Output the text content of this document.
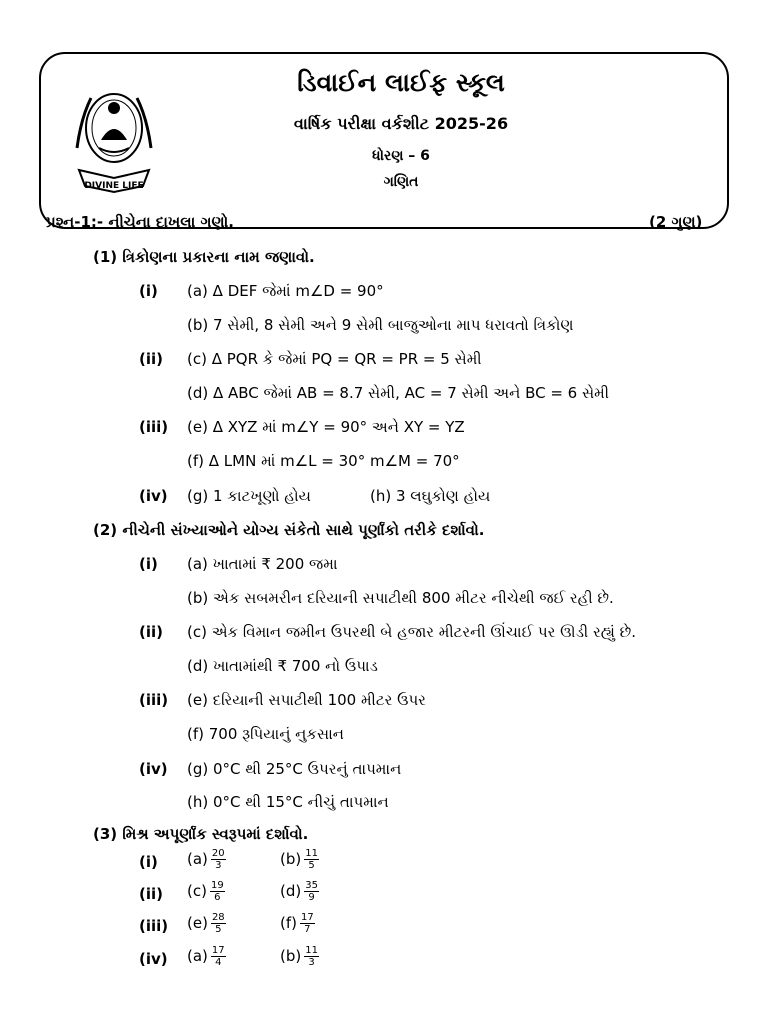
DIVINE LIFE
ડિવાઈન લાઈફ સ્કૂલ
વાર્ષિક પરીક્ષા વર્કશીટ 2025-26
ધોરણ – 6
ગણિત
પ્રશ્ન-1:- નીચેના દાખલા ગણો.	(2 ગુણ)
(1) ત્રિકોણના પ્રકારના નામ જણાવો.
(i) (a) Δ DEF જેમાં m∠D = 90°
(b) 7 સેમી, 8 સેમી અને 9 સેમી બાજુઓના માપ ધરાવતો ત્રિકોણ
(ii) (c) Δ PQR કે જેમાં PQ = QR = PR = 5 સેમી
(d) Δ ABC જેમાં AB = 8.7 સેમી, AC = 7 સેમી અને BC = 6 સેમી
(iii) (e) Δ XYZ માં m∠Y = 90° અને XY = YZ
(f) Δ LMN માં m∠L = 30° m∠M = 70°
(iv) (g) 1 કાટખૂણો હોય	(h) 3 લઘુકોણ હોય
(2) નીચેની સંખ્યાઓને યોગ્ય સંકેતો સાથે પૂર્ણાંકો તરીકે દર્શાવો.
(i) (a) ખાતામાં ₹ 200 જમા
(b) એક સબમરીન દરિયાની સપાટીથી 800 મીટર નીચેથી જઈ રહી છે.
(ii) (c) એક વિમાન જમીન ઉપરથી બે હજાર મીટરની ઊંચાઈ પર ઊડી રહ્યું છે.
(d) ખાતામાંથી ₹ 700 નો ઉપાડ
(iii) (e) દરિયાની સપાટીથી 100 મીટર ઉપર
(f) 700 રૂપિયાનું નુકસાન
(iv) (g) 0°C થી 25°C ઉપરનું તાપમાન
(h) 0°C થી 15°C નીચું તાપમાન
(3) મિશ્ર અપૂર્ણાંક સ્વરૂપમાં દર્શાવો.
(i) $(a) \frac{20}{3}$	$(b) \frac{11}{5}$
(ii) $(c) \frac{19}{6}$	$(d) \frac{35}{9}$
(iii) $(e) \frac{28}{5}$	$(f) \frac{17}{7}$
(iv) $(a) \frac{17}{4}$	$(b) \frac{11}{3}$
